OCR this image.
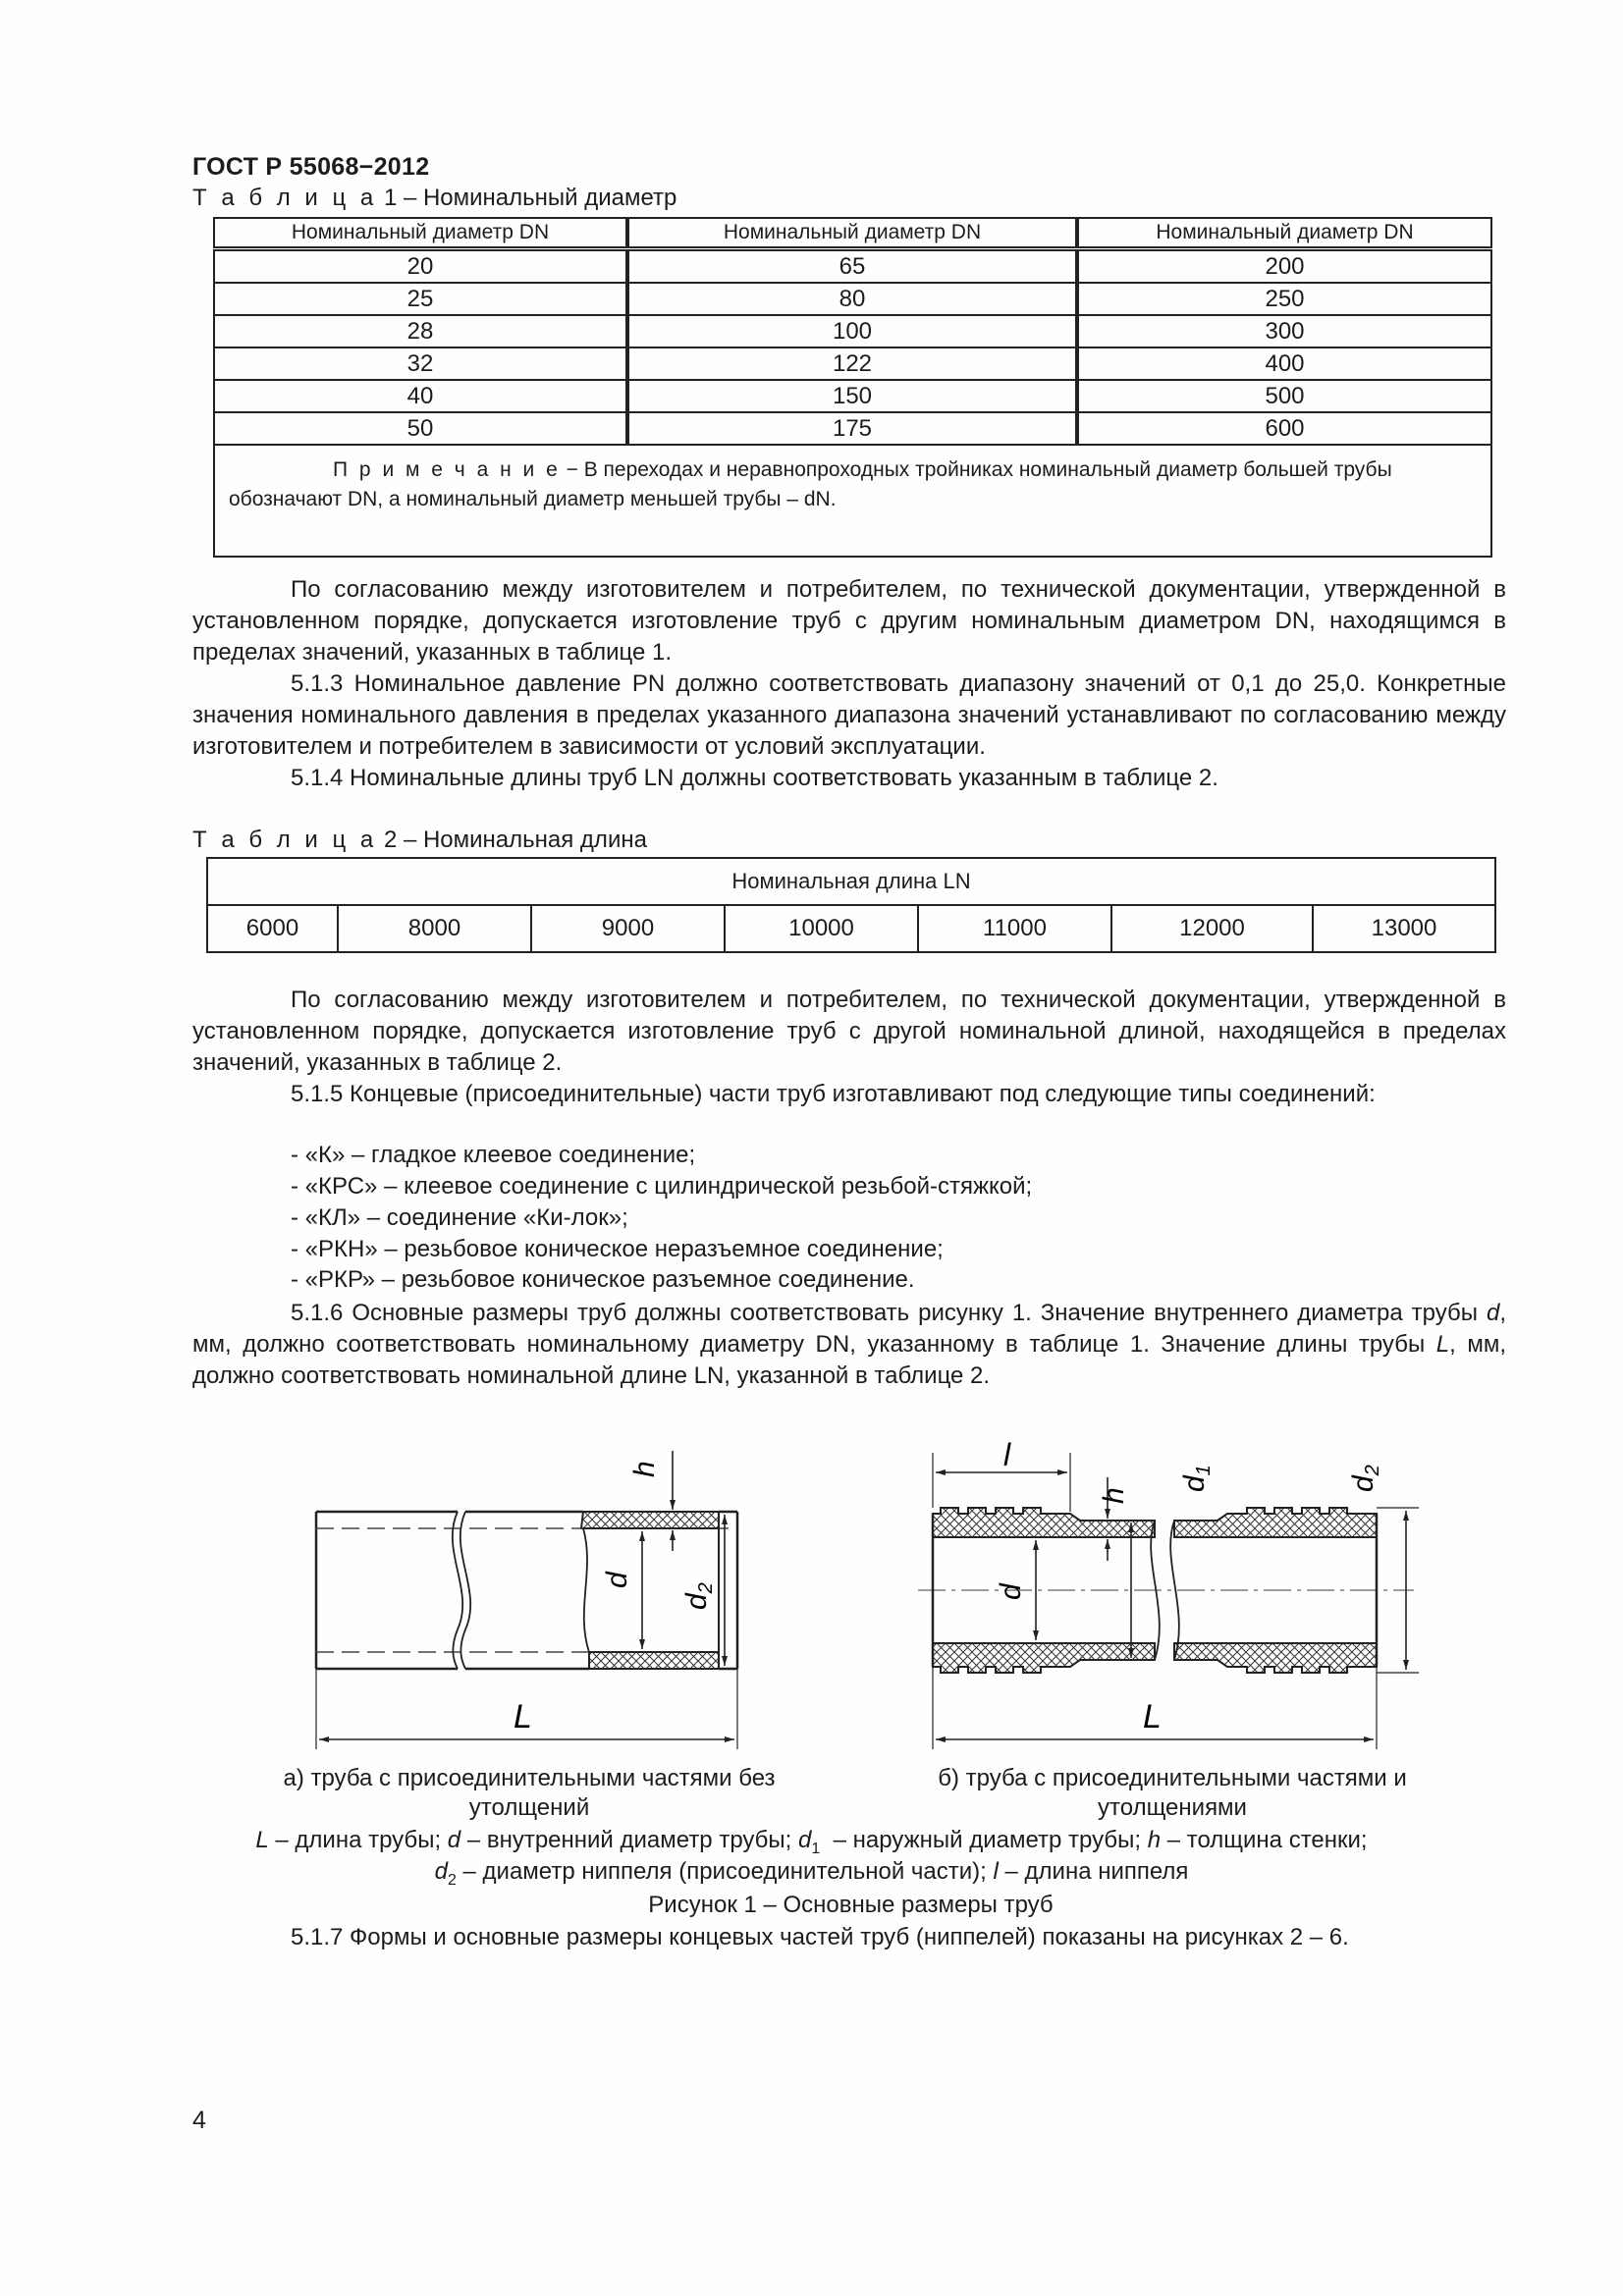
ГОСТ Р 55068−2012
Т а б л и ц а 1 – Номинальный диаметр
Номинальный диаметр DN	Номинальный диаметр DN	Номинальный диаметр DN
20	65	200
25	80	250
28	100	300
32	122	400
40	150	500
50	175	600
П р и м е ч а н и е − В переходах и неравнопроходных тройниках номинальный диаметр большей трубы обозначают DN, а номинальный диаметр меньшей трубы – dN.		
По согласованию между изготовителем и потребителем, по технической документации, утвержденной в установленном порядке, допускается изготовление труб с другим номинальным диаметром DN, находящимся в пределах значений, указанных в таблице 1.
5.1.3 Номинальное давление PN должно соответствовать диапазону значений от 0,1 до 25,0. Конкретные значения номинального давления в пределах указанного диапазона значений устанавливают по согласованию между изготовителем и потребителем в зависимости от условий эксплуатации.
5.1.4 Номинальные длины труб LN должны соответствовать указанным в таблице 2.
Т а б л и ц а 2 – Номинальная длина
Номинальная длина LN
6000	8000	9000	10000	11000	12000	13000
По согласованию между изготовителем и потребителем, по технической документации, утвержденной в установленном порядке, допускается изготовление труб с другой номинальной длиной, находящейся в пределах значений, указанных в таблице 2.
5.1.5 Концевые (присоединительные) части труб изготавливают под следующие типы соединений:
- «К» – гладкое клеевое соединение;
- «КРС» – клеевое соединение с цилиндрической резьбой-стяжкой;
- «КЛ» – соединение «Ки-лок»;
- «РКН» – резьбовое коническое неразъемное соединение;
- «РКР» – резьбовое коническое разъемное соединение.
5.1.6 Основные размеры труб должны соответствовать рисунку 1. Значение внутреннего диаметра трубы d, мм, должно соответствовать номинальному диаметру DN, указанному в таблице 1. Значение длины трубы L, мм, должно соответствовать номинальной длине LN, указанной в таблице 2.
h
d
$d_2$
L
l
h
d
$d_1$
$d_2$
L
а) труба с присоединительными частями без утолщений
б) труба с присоединительными частями и утолщениями
L – длина трубы; d – внутренний диаметр трубы; $d_1$  – наружный диаметр трубы; h – толщина стенки;
$d_2$ – диаметр ниппеля (присоединительной части); l – длина ниппеля
Рисунок 1 – Основные размеры труб
5.1.7 Формы и основные размеры концевых частей труб (ниппелей) показаны на рисунках 2 – 6.
4
